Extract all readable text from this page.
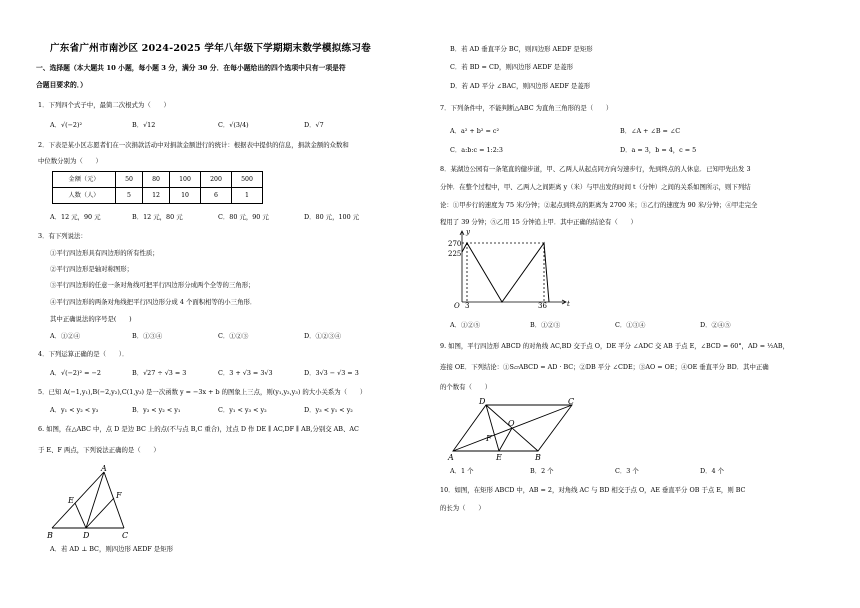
广东省广州市南沙区 2024-2025 学年八年级下学期期末数学模拟练习卷
一、选择题（本大题共 10 小题，每小题 3 分，满分 30 分．在每小题给出的四个选项中只有一项是符
合题目要求的．）
1．下列四个式子中，最简二次根式为（　　）
A．√(−2)²	B．√12	C．√(3/4)	D．√7
2．下表是某小区志愿者们在一次捐款活动中对捐款金额进行的统计：根据表中提供的信息，捐款金额的众数和
中位数分别为（　　）
金额（元）	50	80	100	200	500
人数（人）	5	12	10	6	1
A．12 元，90 元	B．12 元，80 元	C．80 元，90 元	D．80 元，100 元
3．有下列说法：
①平行四边形具有四边形的所有性质；
②平行四边形是轴对称图形；
③平行四边形的任意一条对角线可把平行四边形分成两个全等的三角形；
④平行四边形的两条对角线把平行四边形分成 4 个面积相等的小三角形．
其中正确说法的序号是(　　)
A．①②④	B．①③④	C．①②③	D．①②③④
4．下列运算正确的是（　　）．
A．√(−2)² = −2	B．√27 ÷ √3 = 3	C．3 + √3 = 3√3	D．3√3 − √3 = 3
5．已知 A(−1,y₁),B(−2,y₂),C(1,y₃) 是一次函数 y = −3x + b 的图象上三点，则(y₁,y₂,y₃) 的大小关系为（　　）
A．y₁ < y₂ < y₃	B．y₃ < y₂ < y₁	C．y₁ < y₃ < y₂	D．y₃ < y₁ < y₂
6. 如图，在△ABC 中，点 D 是边 BC 上的点(不与点 B,C 重合)，过点 D 作 DE ∥ AC,DF ∥ AB,分别交 AB、AC
于 E、F 两点，下列说法正确的是（　　）
A
B	C
D
E
F
A．若 AD ⊥ BC，则四边形 AEDF 是矩形
B．若 AD 垂直平分 BC，则四边形 AEDF 是矩形
C．若 BD = CD，则四边形 AEDF 是菱形
D．若 AD 平分 ∠BAC，则四边形 AEDF 是菱形
7．下列条件中，不能判断△ABC 为直角三角形的是（　　）
A．a² + b² = c²	B．∠A + ∠B = ∠C
C．a:b:c = 1:2:3	D．a = 3，b = 4，c = 5
8．某湖边公园有一条笔直的健步道，甲、乙两人从起点同方向匀速步行，先到终点的人休息．已知甲先出发 3
分钟．在整个过程中，甲、乙两人之间距离 y（米）与甲出发的时间 t（分钟）之间的关系如图所示，则下列结
论：①甲步行的速度为 75 米/分钟；②起点到终点的距离为 2700 米；③乙行的速度为 90 米/分钟；④甲走完全
程用了 39 分钟；⑤乙用 15 分钟追上甲．其中正确的结论有（　　）
270
225
O 3	36
y
t
A．①②⑤	B．①②③	C．①③④	D．②④⑤
9. 如图，平行四边形 ABCD 的对角线 AC,BD 交于点 O，DE 平分 ∠ADC 交 AB 于点 E，∠BCD = 60°，AD = ½AB，
连接 OE．下列结论：①S▱ABCD = AD · BC；②DB 平分 ∠CDE；③AO = OE；④OE 垂直平分 BD．其中正确
的个数有（　　）
A	B
C
D
E
F
O
A．1 个	B．2 个	C．3 个	D．4 个
10．如图，在矩形 ABCD 中，AB = 2，对角线 AC 与 BD 相交于点 O，AE 垂直平分 OB 于点 E，则 BC
的长为（　　）
